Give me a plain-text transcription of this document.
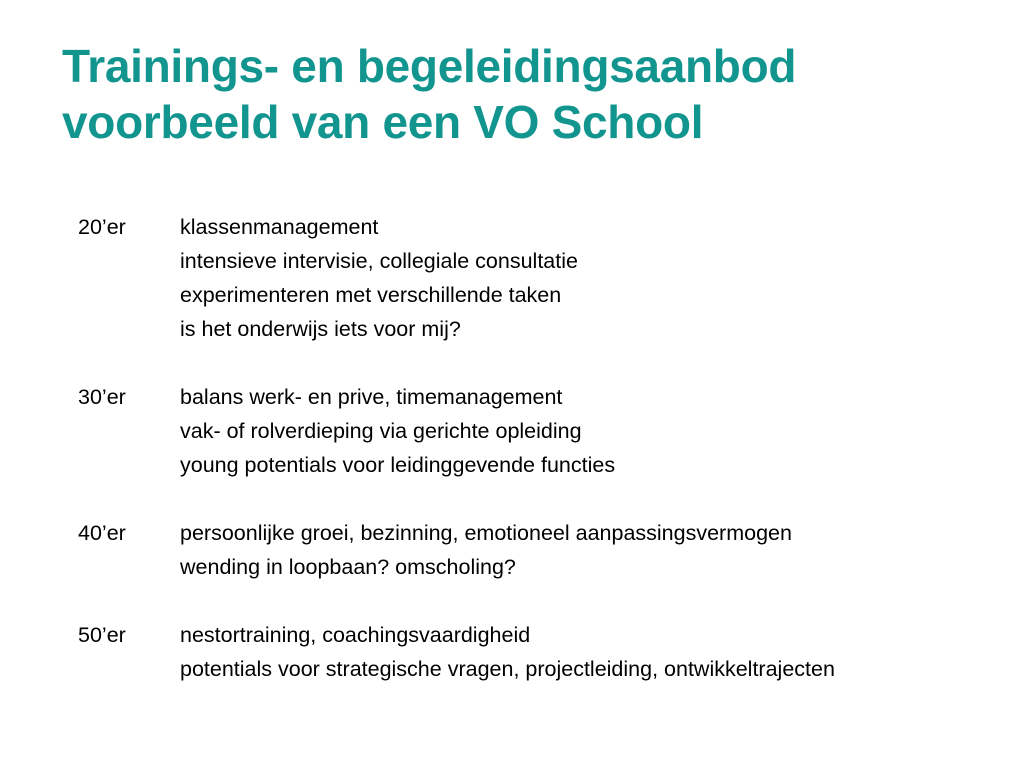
Trainings- en begeleidingsaanbod
voorbeeld van een VO School
20’er	klassenmanagement
intensieve intervisie, collegiale consultatie
experimenteren met verschillende taken
is het onderwijs iets voor mij?
30’er	balans werk- en prive, timemanagement
vak- of rolverdieping via gerichte opleiding
young potentials voor leidinggevende functies
40’er	persoonlijke groei, bezinning, emotioneel aanpassingsvermogen
wending in loopbaan? omscholing?
50’er	nestortraining, coachingsvaardigheid
potentials voor strategische vragen, projectleiding, ontwikkeltrajecten
